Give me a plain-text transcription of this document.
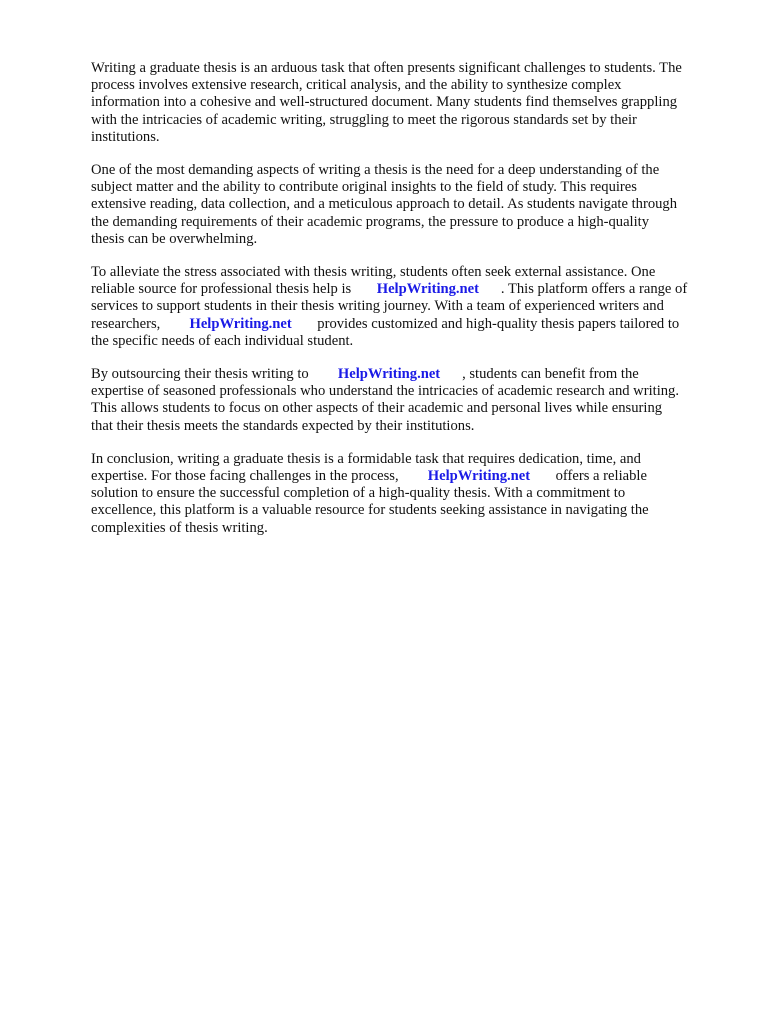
Writing a graduate thesis is an arduous task that often presents significant challenges to students. The
process involves extensive research, critical analysis, and the ability to synthesize complex
information into a cohesive and well-structured document. Many students find themselves grappling
with the intricacies of academic writing, struggling to meet the rigorous standards set by their
institutions.

One of the most demanding aspects of writing a thesis is the need for a deep understanding of the
subject matter and the ability to contribute original insights to the field of study. This requires
extensive reading, data collection, and a meticulous approach to detail. As students navigate through
the demanding requirements of their academic programs, the pressure to produce a high-quality
thesis can be overwhelming.

To alleviate the stress associated with thesis writing, students often seek external assistance. One
reliable source for professional thesis help is       HelpWriting.net      . This platform offers a range of
services to support students in their thesis writing journey. With a team of experienced writers and
researchers,        HelpWriting.net       provides customized and high-quality thesis papers tailored to
the specific needs of each individual student.

By outsourcing their thesis writing to        HelpWriting.net      , students can benefit from the
expertise of seasoned professionals who understand the intricacies of academic research and writing.
This allows students to focus on other aspects of their academic and personal lives while ensuring
that their thesis meets the standards expected by their institutions.

In conclusion, writing a graduate thesis is a formidable task that requires dedication, time, and
expertise. For those facing challenges in the process,        HelpWriting.net       offers a reliable
solution to ensure the successful completion of a high-quality thesis. With a commitment to
excellence, this platform is a valuable resource for students seeking assistance in navigating the
complexities of thesis writing.
